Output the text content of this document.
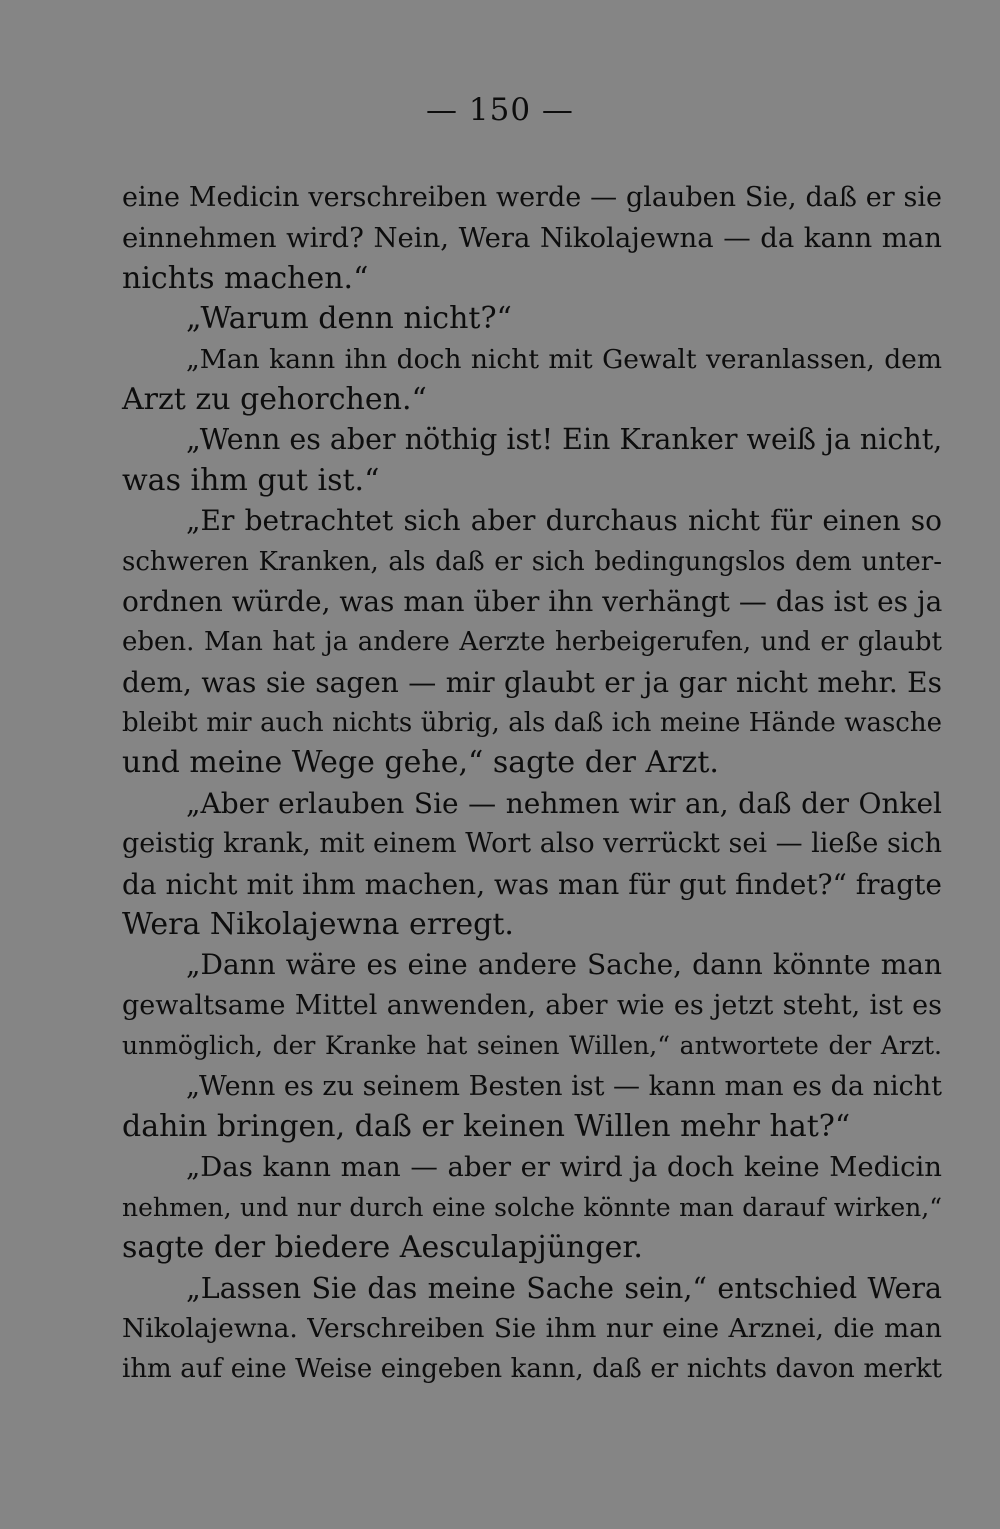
— 150 —
eine Medicin verschreiben werde — glauben Sie, daß er sie
einnehmen wird? Nein, Wera Nikolajewna — da kann man
nichts machen.“
„Warum denn nicht?“
„Man kann ihn doch nicht mit Gewalt veranlassen, dem
Arzt zu gehorchen.“
„Wenn es aber nöthig ist! Ein Kranker weiß ja nicht,
was ihm gut ist.“
„Er betrachtet sich aber durchaus nicht für einen so
schweren Kranken, als daß er sich bedingungslos dem unter-
ordnen würde, was man über ihn verhängt — das ist es ja
eben. Man hat ja andere Aerzte herbeigerufen, und er glaubt
dem, was sie sagen — mir glaubt er ja gar nicht mehr. Es
bleibt mir auch nichts übrig, als daß ich meine Hände wasche
und meine Wege gehe,“ sagte der Arzt.
„Aber erlauben Sie — nehmen wir an, daß der Onkel
geistig krank, mit einem Wort also verrückt sei — ließe sich
da nicht mit ihm machen, was man für gut findet?“ fragte
Wera Nikolajewna erregt.
„Dann wäre es eine andere Sache, dann könnte man
gewaltsame Mittel anwenden, aber wie es jetzt steht, ist es
unmöglich, der Kranke hat seinen Willen,“ antwortete der Arzt.
„Wenn es zu seinem Besten ist — kann man es da nicht
dahin bringen, daß er keinen Willen mehr hat?“
„Das kann man — aber er wird ja doch keine Medicin
nehmen, und nur durch eine solche könnte man darauf wirken,“
sagte der biedere Aesculapjünger.
„Lassen Sie das meine Sache sein,“ entschied Wera
Nikolajewna. Verschreiben Sie ihm nur eine Arznei, die man
ihm auf eine Weise eingeben kann, daß er nichts davon merkt
